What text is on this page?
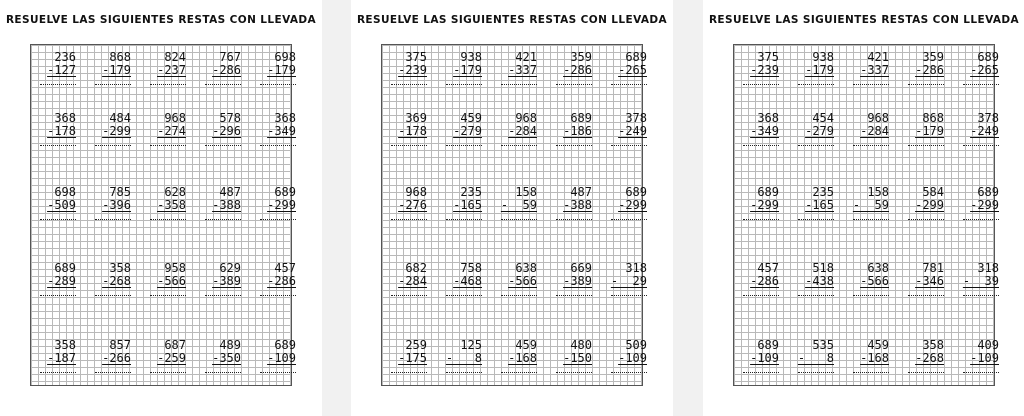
RESUELVE LAS SIGUIENTES RESTAS CON LLEVADA
236
-127
868
-179
824
-237
767
-286
698
-179
368
-178
484
-299
968
-274
578
-296
368
-349
698
-509
785
-396
628
-358
487
-388
689
-299
689
-289
358
-268
958
-566
629
-389
457
-286
358
-187
857
-266
687
-259
489
-350
689
-109
RESUELVE LAS SIGUIENTES RESTAS CON LLEVADA
375
-239
938
-179
421
-337
359
-286
689
-265
369
-178
459
-279
968
-284
689
-186
378
-249
968
-276
235
-165
158
-  59
487
-388
689
-299
682
-284
758
-468
638
-566
669
-389
318
-  29
259
-175
125
-   8
459
-168
480
-150
509
-109
RESUELVE LAS SIGUIENTES RESTAS CON LLEVADA
375
-239
938
-179
421
-337
359
-286
689
-265
368
-349
454
-279
968
-284
868
-179
378
-249
689
-299
235
-165
158
-  59
584
-299
689
-299
457
-286
518
-438
638
-566
781
-346
318
-  39
689
-109
535
-   8
459
-168
358
-268
409
-109
